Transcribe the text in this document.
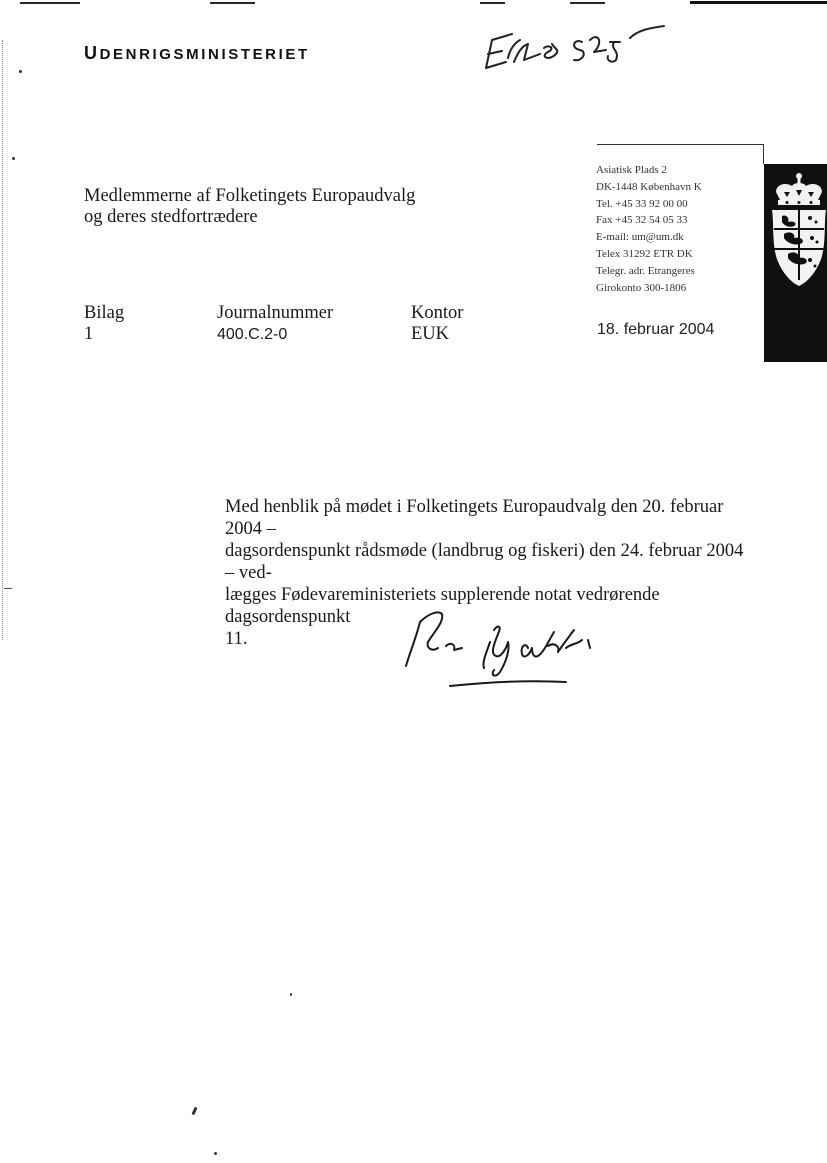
UDENRIGSMINISTERIET
Medlemmerne af Folketingets Europaudvalg
og deres stedfortrædere
Asiatisk Plads 2
DK-1448 København K
Tel. +45 33 92 00 00
Fax +45 32 54 05 33
E-mail: um@um.dk
Telex 31292 ETR DK
Telegr. adr. Etrangeres
Girokonto 300-1806
Bilag
1
Journalnummer
400.C.2-0
Kontor
EUK	18. februar 2004
Med henblik på mødet i Folketingets Europaudvalg den 20. februar 2004 –
dagsordenspunkt rådsmøde (landbrug og fiskeri) den 24. februar 2004 – ved-
lægges Fødevareministeriets supplerende notat vedrørende dagsordenspunkt
11.
